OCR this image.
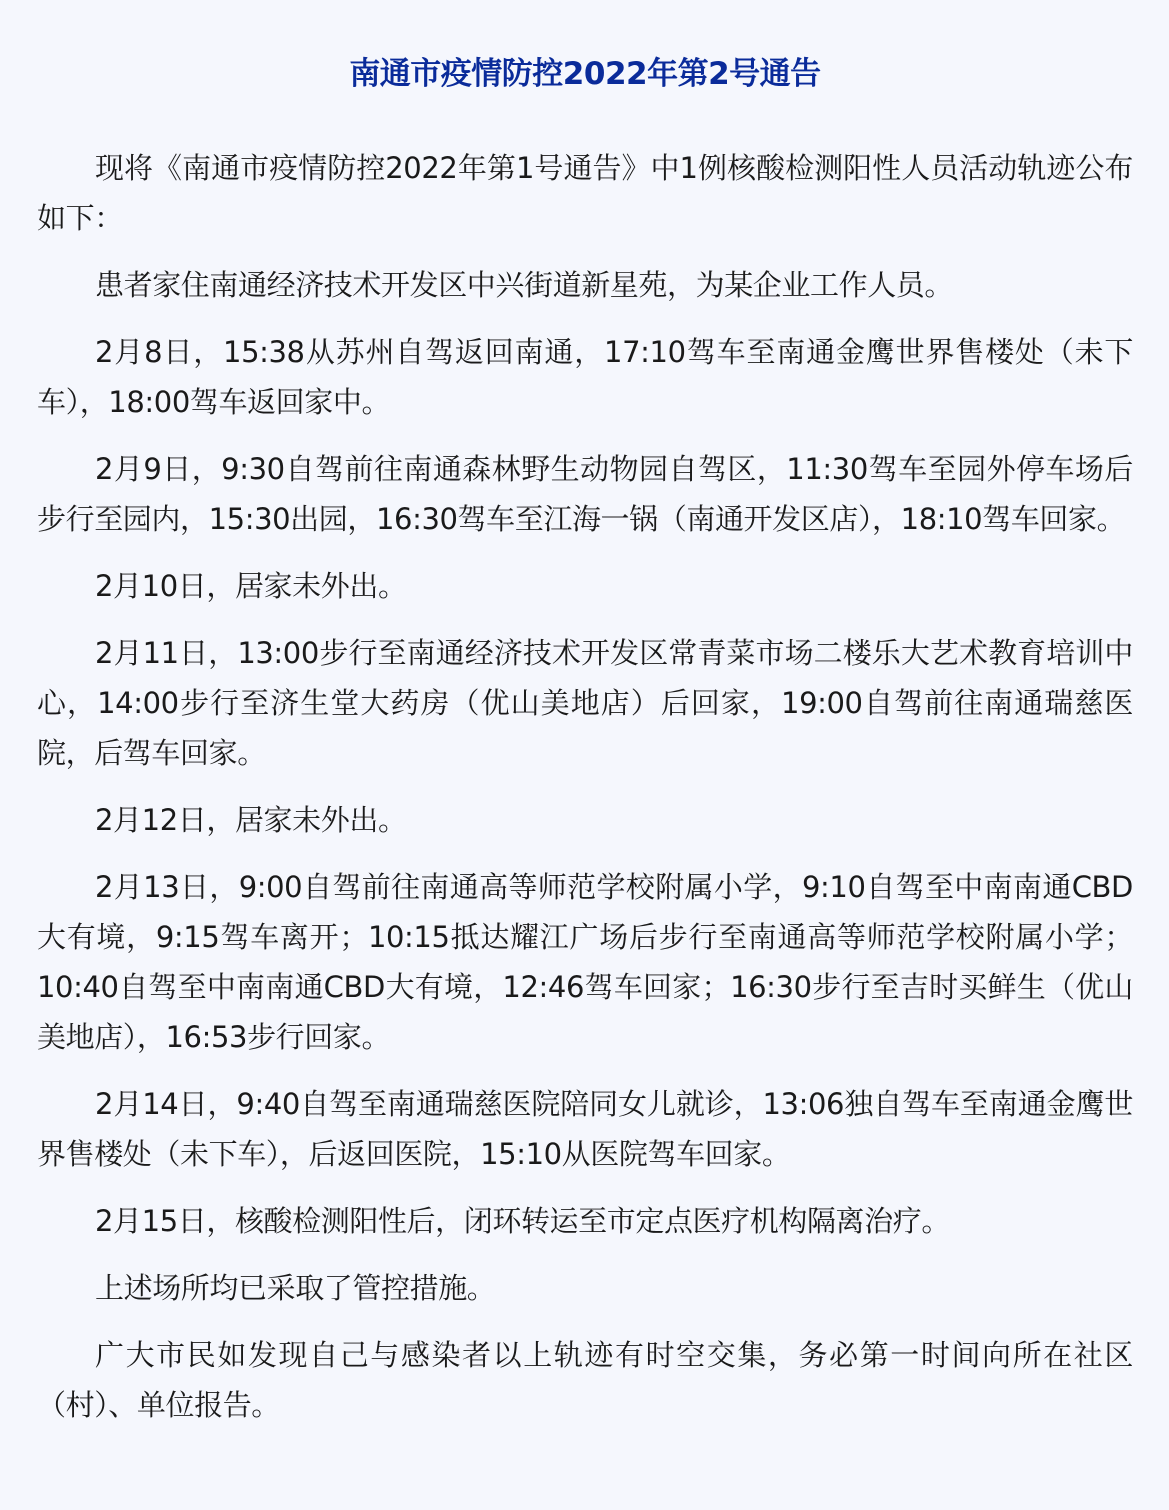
南通市疫情防控2022年第2号通告

现将《南通市疫情防控2022年第1号通告》中1例核酸检测阳性人员活动轨迹公布如下：

患者家住南通经济技术开发区中兴街道新星苑，为某企业工作人员。

2月8日，15:38从苏州自驾返回南通，17:10驾车至南通金鹰世界售楼处（未下车），18:00驾车返回家中。

2月9日，9:30自驾前往南通森林野生动物园自驾区，11:30驾车至园外停车场后步行至园内，15:30出园，16:30驾车至江海一锅（南通开发区店），18:10驾车回家。

2月10日，居家未外出。

2月11日，13:00步行至南通经济技术开发区常青菜市场二楼乐大艺术教育培训中心，14:00步行至济生堂大药房（优山美地店）后回家，19:00自驾前往南通瑞慈医院，后驾车回家。

2月12日，居家未外出。

2月13日，9:00自驾前往南通高等师范学校附属小学，9:10自驾至中南南通CBD大有境，9:15驾车离开；10:15抵达耀江广场后步行至南通高等师范学校附属小学；10:40自驾至中南南通CBD大有境，12:46驾车回家；16:30步行至吉时买鲜生（优山美地店），16:53步行回家。

2月14日，9:40自驾至南通瑞慈医院陪同女儿就诊，13:06独自驾车至南通金鹰世界售楼处（未下车），后返回医院，15:10从医院驾车回家。

2月15日，核酸检测阳性后，闭环转运至市定点医疗机构隔离治疗。

上述场所均已采取了管控措施。

广大市民如发现自己与感染者以上轨迹有时空交集，务必第一时间向所在社区（村）、单位报告。
